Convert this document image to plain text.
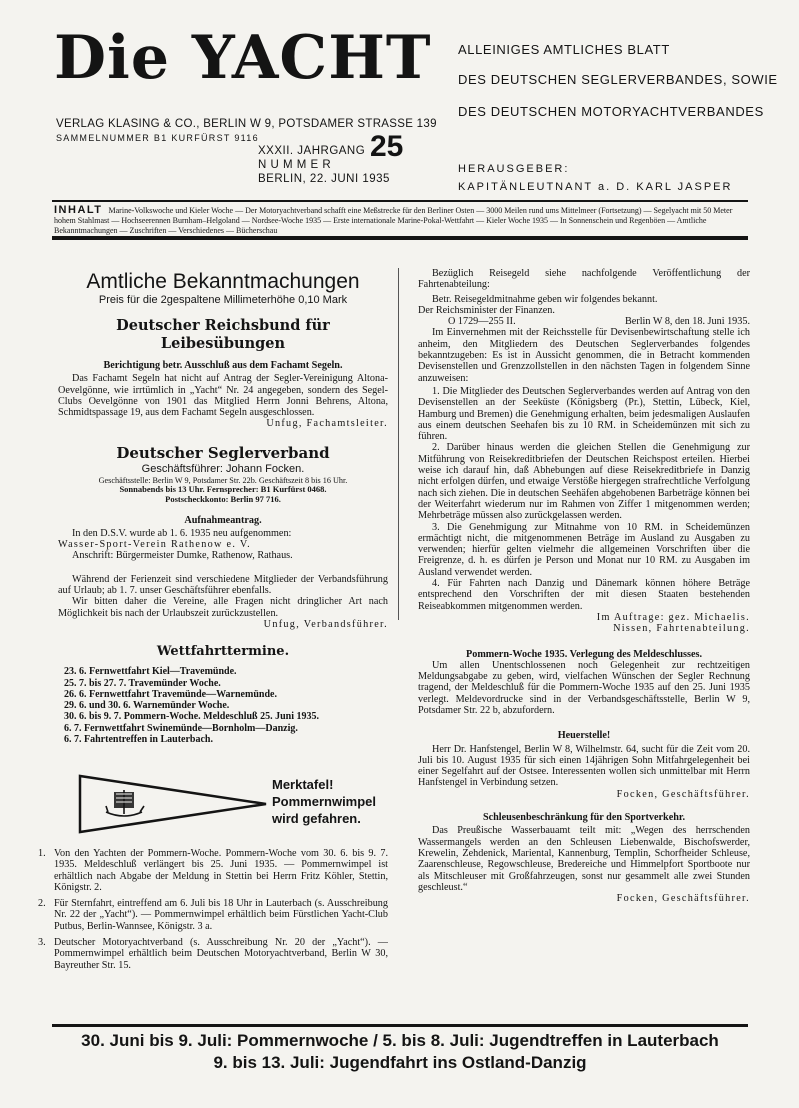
Die YACHT
VERLAG KLASING & CO., BERLIN W 9, POTSDAMER STRASSE 139
SAMMELNUMMER B1 KURFÜRST 9116
ALLEINIGES AMTLICHES BLATT
DES DEUTSCHEN SEGLERVERBANDES, SOWIE
DES DEUTSCHEN MOTORYACHTVERBANDES
XXXII. JAHRGANG
N U M M E R
BERLIN, 22. JUNI 1935
25
HERAUSGEBER:
KAPITÄNLEUTNANT a. D. KARL JASPER
INHALT Marine-Volkswoche und Kieler Woche — Der Motoryachtverband schafft eine Meßstrecke für den Berliner Osten — 3000 Meilen rund ums Mittelmeer (Fortsetzung) — Segelyacht mit 50 Meter hohem Stahlmast — Hochseerennen Burnham–Helgoland — Nordsee-Woche 1935 — Erste internationale Marine-Pokal-Wettfahrt — Kieler Woche 1935 — In Sonnenschein und Regenböen — Amtliche Bekanntmachungen — Zuschriften — Verschiedenes — Bücherschau
Amtliche Bekanntmachungen
Preis für die 2gespaltene Millimeterhöhe 0,10 Mark
Deutscher Reichsbund für Leibesübungen
Berichtigung betr. Ausschluß aus dem Fachamt Segeln.

Das Fachamt Segeln hat nicht auf Antrag der Segler-Vereinigung Altona-Oevelgönne, wie irrtümlich in „Yacht“ Nr. 24 angegeben, sondern des Segel-Clubs Oevelgönne von 1901 das Mitglied Herrn Jonni Behrens, Altona, Schmidtspassage 19, aus dem Fachamt Segeln ausgeschlossen.

Unfug, Fachamtsleiter.

Deutscher Seglerverband
Geschäftsführer: Johann Focken.
Geschäftsstelle: Berlin W 9, Potsdamer Str. 22b. Geschäftszeit 8 bis 16 Uhr.
Sonnabends bis 13 Uhr. Fernsprecher: B1 Kurfürst 0468.
Postscheckkonto: Berlin 97 716.
Aufnahmeantrag.

In den D.S.V. wurde ab 1. 6. 1935 neu aufgenommen:

Wasser-Sport-Verein Rathenow e. V.

Anschrift: Bürgermeister Dumke, Rathenow, Rathaus.

Während der Ferienzeit sind verschiedene Mitglieder der Verbandsführung auf Urlaub; ab 1. 7. unser Geschäftsführer ebenfalls.

Wir bitten daher die Vereine, alle Fragen nicht dringlicher Art nach Möglichkeit bis nach der Urlaubszeit zurückzustellen.

Unfug, Verbandsführer.

Wettfahrttermine.
23. 6. Fernwettfahrt Kiel—Travemünde.
25. 7. bis 27. 7. Travemünder Woche.
26. 6. Fernwettfahrt Travemünde—Warnemünde.
29. 6. und 30. 6. Warnemünder Woche.
30. 6. bis 9. 7. Pommern-Woche. Meldeschluß 25. Juni 1935.
6. 7. Fernwettfahrt Swinemünde—Bornholm—Danzig.
6. 7. Fahrtentreffen in Lauterbach.
Merktafel! Pommernwimpel wird gefahren.
1. Von den Yachten der Pommern-Woche. Pommern-Woche vom 30. 6. bis 9. 7. 1935. Meldeschluß verlängert bis 25. Juni 1935. — Pommernwimpel ist erhältlich nach Abgabe der Meldung in Stettin bei Herrn Fritz Köhler, Stettin, Königstr. 2.
2. Für Sternfahrt, eintreffend am 6. Juli bis 18 Uhr in Lauterbach (s. Ausschreibung Nr. 22 der „Yacht“). — Pommernwimpel erhältlich beim Fürstlichen Yacht-Club Putbus, Berlin-Wannsee, Königstr. 3 a.
3. Deutscher Motoryachtverband (s. Ausschreibung Nr. 20 der „Yacht“). — Pommernwimpel erhältlich beim Deutschen Motoryachtverband, Berlin W 30, Bayreuther Str. 15.

Bezüglich Reisegeld siehe nachfolgende Veröffentlichung der Fahrtenabteilung:

Betr. Reisegeldmitnahme geben wir folgendes bekannt.

Der Reichsminister der Finanzen.

O 1729—255 II.	Berlin W 8, den 18. Juni 1935.

Im Einvernehmen mit der Reichsstelle für Devisenbewirtschaftung stelle ich anheim, den Mitgliedern des Deutschen Seglerverbandes folgendes bekanntzugeben: Es ist in Aussicht genommen, die in Betracht kommenden Devisenstellen und Grenzzollstellen in den nächsten Tagen in folgendem Sinne anzuweisen:

1. Die Mitglieder des Deutschen Seglerverbandes werden auf Antrag von den Devisenstellen an der Seeküste (Königsberg (Pr.), Stettin, Lübeck, Kiel, Hamburg und Bremen) die Genehmigung erhalten, beim jedesmaligen Auslaufen aus einem deutschen Seehafen bis zu 10 RM. in Scheidemünzen mit sich zu führen.

2. Darüber hinaus werden die gleichen Stellen die Genehmigung zur Mitführung von Reisekreditbriefen der Deutschen Reichspost erteilen. Hierbei weise ich darauf hin, daß Abhebungen auf diese Reisekreditbriefe in Danzig nicht erfolgen dürfen, und etwaige Verstöße hiergegen strafrechtliche Verfolgung nach sich ziehen. Die in deutschen Seehäfen abgehobenen Barbeträge können bei der Weiterfahrt wiederum nur im Rahmen von Ziffer 1 mitgenommen werden; Mehrbeträge müssen also zurückgelassen werden.

3. Die Genehmigung zur Mitnahme von 10 RM. in Scheidemünzen ermächtigt nicht, die mitgenommenen Beträge im Ausland zu Ausgaben zu verwenden; hierfür gelten vielmehr die allgemeinen Vorschriften über die Freigrenze, d. h. es dürfen je Person und Monat nur 10 RM. zu Ausgaben im Ausland verwendet werden.

4. Für Fahrten nach Danzig und Dänemark können höhere Beträge entsprechend den Vorschriften der mit diesen Staaten bestehenden Reiseabkommen mitgenommen werden.

Im Auftrage: gez. Michaelis.

Nissen, Fahrtenabteilung.

Pommern-Woche 1935. Verlegung des Meldeschlusses.

Um allen Unentschlossenen noch Gelegenheit zur rechtzeitigen Meldungsabgabe zu geben, wird, vielfachen Wünschen der Segler Rechnung tragend, der Meldeschluß für die Pommern-Woche 1935 auf den 25. Juni 1935 verlegt. Meldevordrucke sind in der Verbandsgeschäftsstelle, Berlin W 9, Potsdamer Str. 22 b, abzufordern.

Heuerstelle!

Herr Dr. Hanfstengel, Berlin W 8, Wilhelmstr. 64, sucht für die Zeit vom 20. Juli bis 10. August 1935 für sich einen 14jährigen Sohn Mitfahrgelegenheit bei einer Segelfahrt auf der Ostsee. Interessenten wollen sich unmittelbar mit Herrn Hanfstengel in Verbindung setzen.

Focken, Geschäftsführer.

Schleusenbeschränkung für den Sportverkehr.

Das Preußische Wasserbauamt teilt mit: „Wegen des herrschenden Wassermangels werden an den Schleusen Liebenwalde, Bischofswerder, Krewelin, Zehdenick, Mariental, Kannenburg, Templin, Schorfheider Schleuse, Zaarenschleuse, Regowschleuse, Bredereiche und Himmelpfort Sportboote nur als Mitschleuser mit Großfahrzeugen, sonst nur gesammelt alle zwei Stunden geschleust.“

Focken, Geschäftsführer.

30. Juni bis 9. Juli: Pommernwoche / 5. bis 8. Juli: Jugendtreffen in Lauterbach
9. bis 13. Juli: Jugendfahrt ins Ostland-Danzig
